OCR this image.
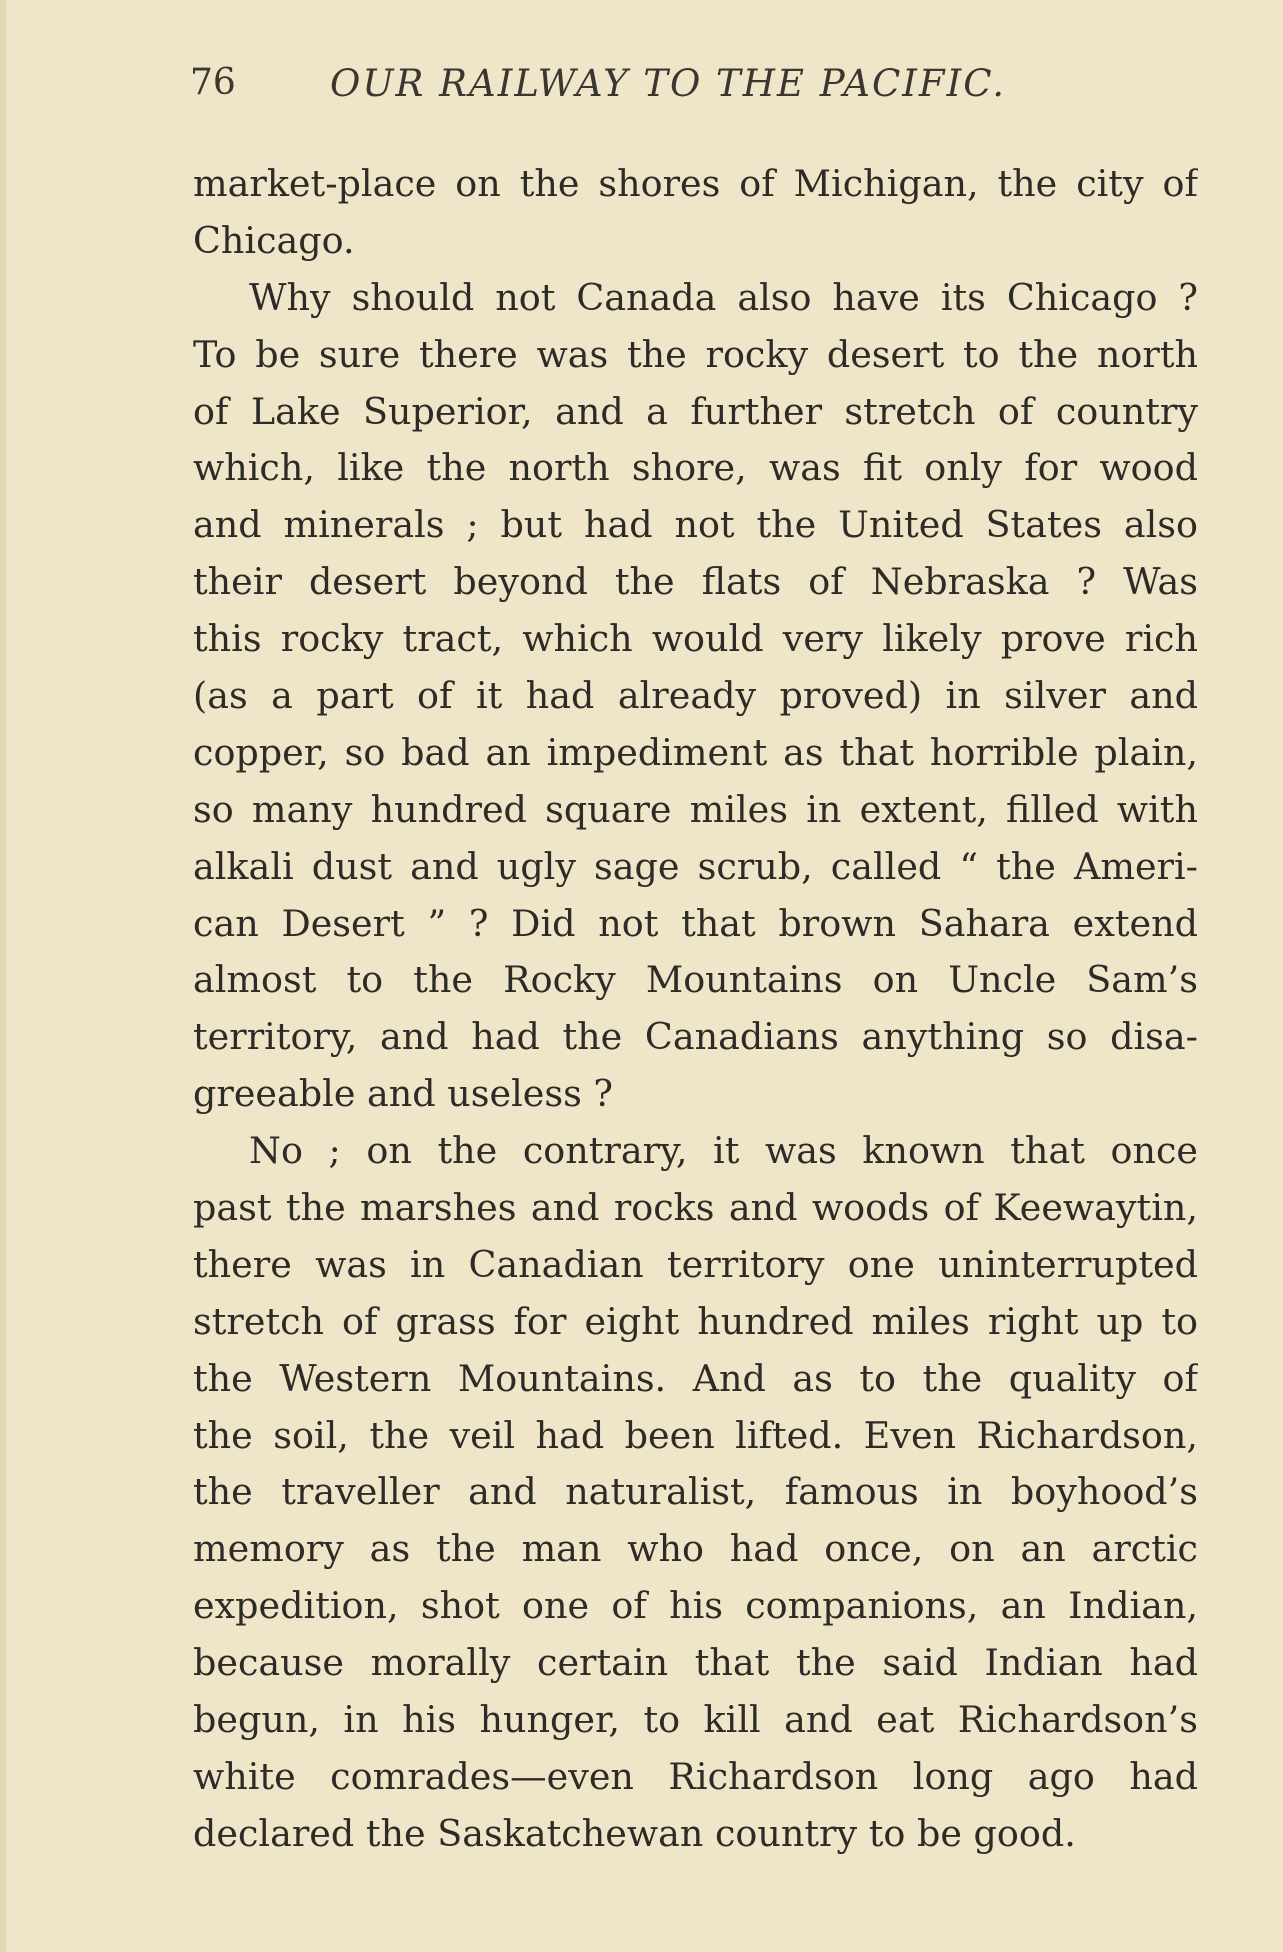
76	OUR RAILWAY TO THE PACIFIC.
market-place on the shores of Michigan, the city of
Chicago.
Why should not Canada also have its Chicago ?
To be sure there was the rocky desert to the north
of Lake Superior, and a further stretch of country
which, like the north shore, was fit only for wood
and minerals ; but had not the United States also
their desert beyond the flats of Nebraska ? Was
this rocky tract, which would very likely prove rich
(as a part of it had already proved) in silver and
copper, so bad an impediment as that horrible plain,
so many hundred square miles in extent, filled with
alkali dust and ugly sage scrub, called “ the Ameri-
can Desert ” ? Did not that brown Sahara extend
almost to the Rocky Mountains on Uncle Sam’s
territory, and had the Canadians anything so disa-
greeable and useless ?
No ; on the contrary, it was known that once
past the marshes and rocks and woods of Keewaytin,
there was in Canadian territory one uninterrupted
stretch of grass for eight hundred miles right up to
the Western Mountains. And as to the quality of
the soil, the veil had been lifted. Even Richardson,
the traveller and naturalist, famous in boyhood’s
memory as the man who had once, on an arctic
expedition, shot one of his companions, an Indian,
because morally certain that the said Indian had
begun, in his hunger, to kill and eat Richardson’s
white comrades—even Richardson long ago had
declared the Saskatchewan country to be good.
